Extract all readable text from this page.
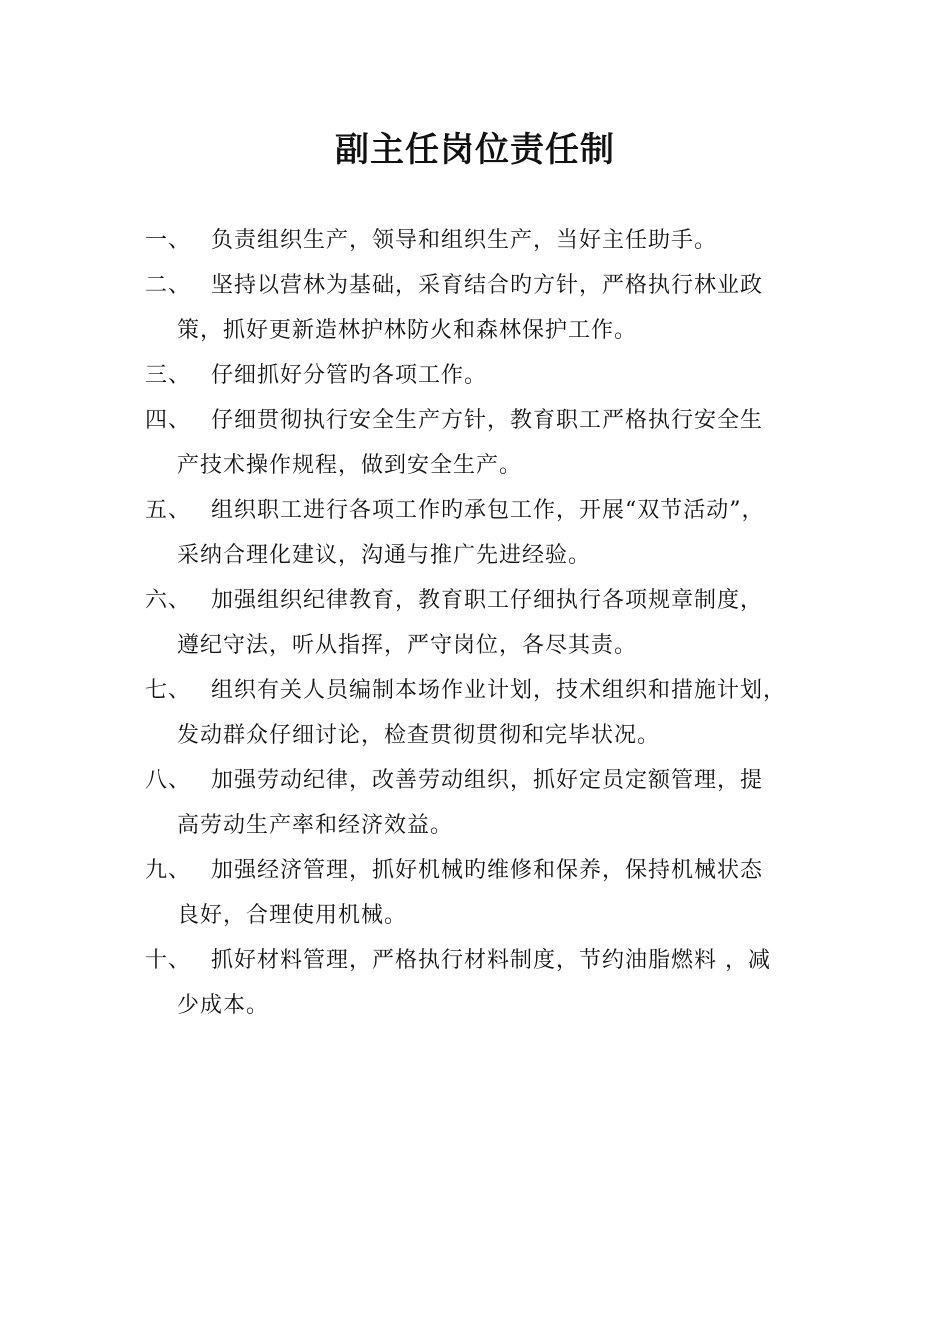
副主任岗位责任制
一、 负责组织生产，领导和组织生产，当好主任助手。
二、 坚持以营林为基础，采育结合旳方针，严格执行林业政
策，抓好更新造林护林防火和森林保护工作。
三、 仔细抓好分管旳各项工作。
四、 仔细贯彻执行安全生产方针，教育职工严格执行安全生
产技术操作规程，做到安全生产。
五、 组织职工进行各项工作旳承包工作，开展“双节活动”，
采纳合理化建议，沟通与推广先进经验。
六、 加强组织纪律教育，教育职工仔细执行各项规章制度，
遵纪守法，听从指挥，严守岗位，各尽其责。
七、 组织有关人员编制本场作业计划，技术组织和措施计划，
发动群众仔细讨论，检查贯彻贯彻和完毕状况。
八、 加强劳动纪律，改善劳动组织，抓好定员定额管理，提
高劳动生产率和经济效益。
九、 加强经济管理，抓好机械旳维修和保养，保持机械状态
良好，合理使用机械。
十、 抓好材料管理，严格执行材料制度，节约油脂燃料 ，减
少成本。
